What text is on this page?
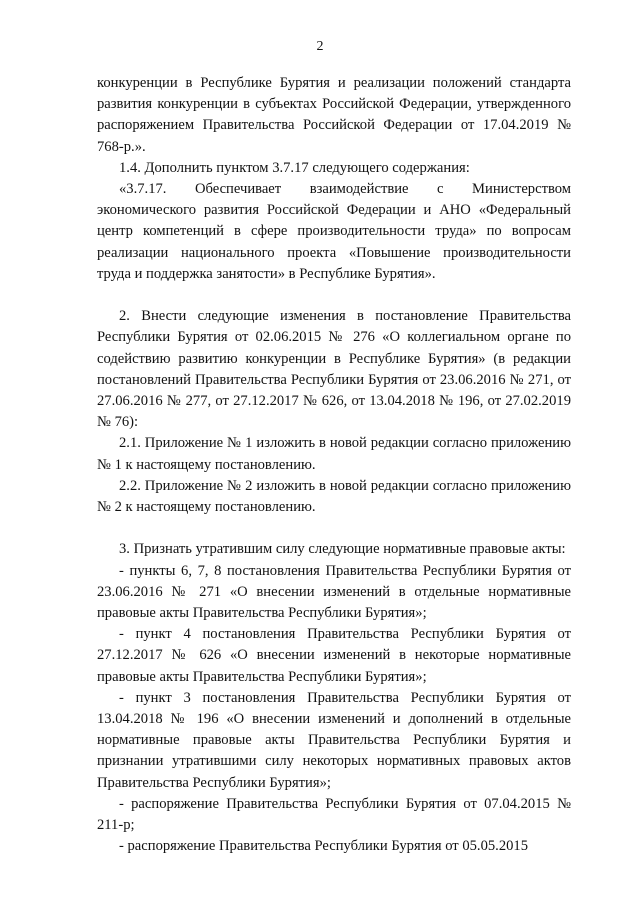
2

конкуренции в Республике Бурятия и реализации положений стандарта развития конкуренции в субъектах Российской Федерации, утвержденного распоряжением Правительства Российской Федерации от 17.04.2019 № 768-р.».

1.4. Дополнить пунктом 3.7.17 следующего содержания:

«3.7.17. Обеспечивает взаимодействие с Министерством экономического развития Российской Федерации и АНО «Федеральный центр компетенций в сфере производительности труда» по вопросам реализации национального проекта «Повышение производительности труда и поддержка занятости» в Республике Бурятия».

2. Внести следующие изменения в постановление Правительства Республики Бурятия от 02.06.2015 № 276 «О коллегиальном органе по содействию развитию конкуренции в Республике Бурятия» (в редакции постановлений Правительства Республики Бурятия от 23.06.2016 № 271, от 27.06.2016 № 277, от 27.12.2017 № 626, от 13.04.2018 № 196, от 27.02.2019 № 76):

2.1. Приложение № 1 изложить в новой редакции согласно приложению № 1 к настоящему постановлению.

2.2. Приложение № 2 изложить в новой редакции согласно приложению № 2 к настоящему постановлению.

3. Признать утратившим силу следующие нормативные правовые акты:

- пункты 6, 7, 8 постановления Правительства Республики Бурятия от 23.06.2016 № 271 «О внесении изменений в отдельные нормативные правовые акты Правительства Республики Бурятия»;

- пункт 4 постановления Правительства Республики Бурятия от 27.12.2017 № 626 «О внесении изменений в некоторые нормативные правовые акты Правительства Республики Бурятия»;

- пункт 3 постановления Правительства Республики Бурятия от 13.04.2018 № 196 «О внесении изменений и дополнений в отдельные нормативные правовые акты Правительства Республики Бурятия и признании утратившими силу некоторых нормативных правовых актов Правительства Республики Бурятия»;

- распоряжение Правительства Республики Бурятия от 07.04.2015 № 211-р;

- распоряжение Правительства Республики Бурятия от 05.05.2015
